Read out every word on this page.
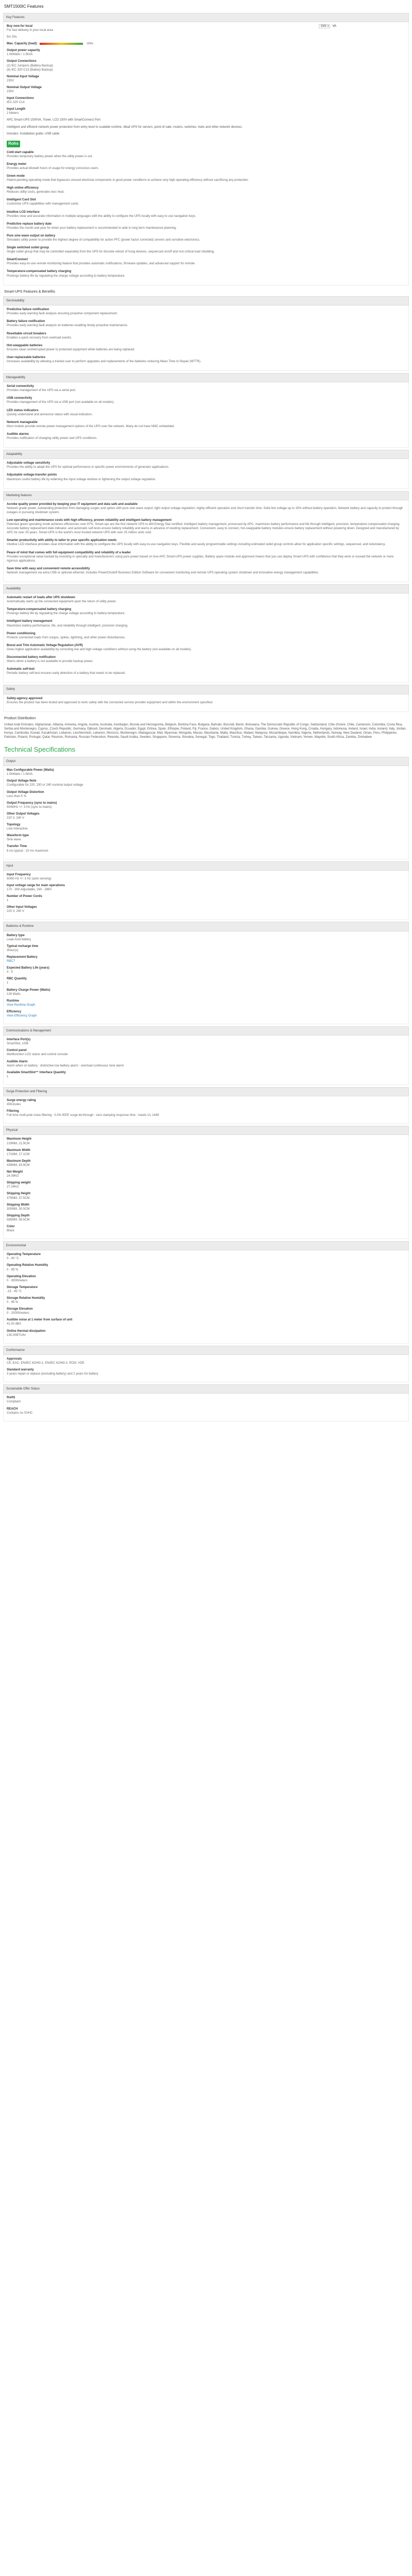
SMT1500IC Features
Key Features
Buy now for local	1500 ▾ VA
For fast delivery in your local area
5m 30s
Max. Capacity (load):	100%
Output power capacity
1.0kWatts / 1.5kVA
Output Connections
(2) IEC Jumpers (Battery Backup)
(6) IEC 320 C13 (Battery Backup)
Nominal Input Voltage
230V
Nominal Output Voltage
230V
Input Connections
IEC-320 C14
Input Length
2 Meters
APC Smart-UPS 1500VA, Tower, LCD 230V with SmartConnect Port
Intelligent and efficient network power protection from entry level to scalable runtime. Ideal UPS for servers, point-of-sale, routers, switches, hubs and other network devices.
Includes: Installation guide, USB cable
Rohs
Cold-start capable
Provides temporary battery power when the utility power is out.
Energy meter
Provides actual kilowatt hours of usage for energy conscious users.
Green mode
Patent-pending operating mode that bypasses unused electrical components in good power conditions to achieve very high operating efficiency without sacrificing any protection.
High online efficiency
Reduces utility costs, generates less heat.
Intelligent Card Slot
Customize UPS capabilities with management cards.
Intuitive LCD interface
Provides clear and accurate information in multiple languages with the ability to configure the UPS locally with easy to use navigation keys.
Predictive replace battery date
Provides the month and year for when your battery replacement is recommended to aide in long term maintenance planning.
Pure sine wave output on battery
Simulates utility power to provide the highest degree of compatibility for active PFC (power factor corrected) servers and sensitive electronics.
Single switched outlet group
Single outlet group that may be controlled separately from the UPS for discrete reboot of hung devices, sequenced on/off and non-critical load shedding.
SmartConnect
Provides easy-to-use remote monitoring feature that provides automatic notifications, firmware updates, and advanced support for remote.
Temperature-compensated battery charging
Prolongs battery life by regulating the charge voltage according to battery temperature.
Smart-UPS Features & Benefits
Serviceability
Predictive failure notification
Provides early warning fault analysis ensuring proactive component replacement.
Battery failure notification
Provides early warning fault analysis on batteries enabling timely proactive maintenance.
Resettable circuit breakers
Enables a quick recovery from overload events.
Hot-swappable batteries
Ensures clean uninterrupted power to protected equipment while batteries are being replaced.
User-replaceable batteries
Increases availability by allowing a trained user to perform upgrades and replacements of the batteries reducing Mean Time to Repair (MTTR).
Manageability
Serial connectivity
Provides management of the UPS via a serial port.
USB connectivity
Provides management of the UPS via a USB port (not available on all models).
LED status indicators
Quickly understand and announce status with visual indicators.
Network manageable
Most models provide remote power management options of the UPS over the network. Many do not have NMC embedded.
Audible alarms
Provides notification of changing utility power and UPS conditions.
Adaptability
Adjustable voltage sensitivity
Provides the ability to adapt the UPS for optimal performance in specific power environments of generator applications.
Adjustable voltage-transfer points
Maximizes useful battery life by widening the input voltage window or tightening the output voltage regulation.
Marketing features
Acrobe quality power provided by keeping your IT equipment and data safe and available
Network grade power, outstanding protection from damaging surges and spikes with pure sine wave output, tight output voltage regulation, highly efficient operation and short transfer time. Solid line voltage up to 15% without battery operation. Network battery and capacity to protect through outages or pursuing shutdown system.
Low operating and maintenance costs with high efficiency, proven reliability and intelligent battery management
Patented green operating mode achieves efficiencies over 97%. Smart-ups are the first network UPS to drill Energy Star certified. Intelligent battery management, processed by APC, maximizes battery performance and life through intelligent, precision, temperature-compensated charging. Accurate battery replacement date indicator, and automatic self-tests ensure battery reliability and warns in advance of needing replacement. Convenient, easy to connect, hot-swappable battery modules ensure battery replacement without powering down. Designed and manufactured by APC for over 25 years. Smart-UPS is the world's most trusted network UPS with over 25 million units sold.
Smarter productivity with ability to tailor to your specific application needs
Intuitive LCD interface provides clear information with the ability to configure the UPS locally with easy-to-use navigation keys. Flexible and easily programmable settings including estimated outlet group controls allow for application specific settings, sequenced, and redundancy.
Peace of mind that comes with full equipment compatibility and reliability of a leader
Provides exceptional value backed by investing in specialty and manufacturers using pure power based on true APC Smart-UPS power supplies. Battery spare module and approved means that you can deploy Smart-UPS with confidence that they work or exceed the network or more rigorous applications.
Save time with easy and convenient remote accessibility
Network management via extra USB or optional ethernet. Includes PowerChute® Business Edition Software for convenient monitoring and remote UPS operating system shutdown and innovative energy management capabilities.
Availability
Automatic restart of loads after UPS shutdown
Automatically starts up the connected equipment upon the return of utility power.
Temperature-compensated battery charging
Prolongs battery life by regulating the charge voltage according to battery temperature.
Intelligent battery management
Maximizes battery performance, life, and reliability through intelligent, precision charging.
Power conditioning
Protects connected loads from surges, spikes, lightning, and other power disturbances.
Boost and Trim Automatic Voltage Regulation (AVR)
Gives higher application availability by correcting low and high voltage conditions without using the battery (not available on all models).
Disconnected battery notification
Warns when a battery is not available to provide backup power.
Automatic self-test
Periodic battery self-test ensures early detection of a battery that needs to be replaced.
Safety
Safety-agency approved
Ensures the product has been tested and approved to work safely with the connected service provider equipment and within the environment specified.
Product Distribution
United Arab Emirates, Afghanistan, Albania, Armenia, Angola, Austria, Australia, Azerbaijan, Bosnia and Herzegovina, Belgium, Burkina Faso, Bulgaria, Bahrain, Burundi, Benin, Botswana, The Democratic Republic of Congo, Switzerland, Côte d'Ivoire, Chile, Cameroon, Colombia, Costa Rica, Serbia and Montenegro, Cyprus, Czech Republic, Germany, Djibouti, Denmark, Algeria, Ecuador, Egypt, Eritrea, Spain, Ethiopia, Finland, Fiji, France, Gabon, United Kingdom, Ghana, Gambia, Guinea, Greece, Hong Kong, Croatia, Hungary, Indonesia, Ireland, Israel, India, Iceland, Italy, Jordan, Kenya, Cambodia, Kuwait, Kazakhstan, Lebanon, Liechtenstein, Lebanon, Morocco, Montenegro, Madagascar, Mali, Myanmar, Mongolia, Macao, Mauritania, Malta, Mauritius, Malawi, Malaysia, Mozambique, Namibia, Nigeria, Netherlands, Norway, New Zealand, Oman, Peru, Philippines, Pakistan, Poland, Portugal, Qatar, Reunion, Romania, Russian Federation, Rwanda, Saudi Arabia, Sweden, Singapore, Slovenia, Slovakia, Senegal, Togo, Thailand, Tunisia, Turkey, Taiwan, Tanzania, Uganda, Vietnam, Yemen, Mayotte, South Africa, Zambia, Zimbabwe
Technical Specifications
Output
Max Configurable Power (Watts)
1.0kWatts / 1.5kVA
Output Voltage Note
Configurable for 220, 230 or 240 nominal output voltage
Output Voltage Distortion
Less than 5 %
Output Frequency (sync to mains)
50/60Hz +/- 3 Hz (sync to mains)
Other Output Voltages
220 V, 240 V
Topology
Line Interactive
Waveform type
Sine wave
Transfer Time
6 ms typical : 10 ms maximum
Input
Input Frequency
50/60 Hz +/- 3 Hz (auto sensing)
Input voltage range for main operations
170 - 300 Adjustable, 160 - 286V
Number of Power Cords
1
Other Input Voltages
220 V, 240 V
Batteries & Runtime
Battery type
Lead-Acid battery
Typical recharge time
3hour(s)
Replacement Battery
RBC7
Expected Battery Life (years)
3 - 5
RBC Quantity
1
Battery Charge Power (Watts)
126 Watts
Runtime
View Runtime Graph
Efficiency
View Efficiency Graph
Communications & Management
Interface Port(s)
SmartSlot, USB
Control panel
Multifunction LCD status and control console
Audible Alarm
Alarm when on battery : distinctive low battery alarm : overload continuous tone alarm
Available SmartSlot™ Interface Quantity
1
Surge Protection and Filtering
Surge energy rating
459Joules
Filtering
Full time multi-pole noise filtering : 0.3% IEEE surge let-through : zero clamping response time : meets UL 1449
Physical
Maximum Height
219MM, 21.9CM
Maximum Width
171MM, 17.1CM
Maximum Depth
439MM, 43.9CM
Net Weight
24.09KG
Shipping weight
27.24KG
Shipping Height
375MM, 37.5CM
Shipping Width
300MM, 30.0CM
Shipping Depth
585MM, 58.5CM
Color
Black
Environmental
Operating Temperature
0 - 40 °C
Operating Relative Humidity
0 - 95 %
Operating Elevation
0 - 3000meters
Storage Temperature
-15 - 45 °C
Storage Relative Humidity
0 - 95 %
Storage Elevation
0 - 15000meters
Audible noise at 1 meter from surface of unit
41.00 dBA
Online thermal dissipation
135.00BTU/hr
Conformance
Approvals
CE, EAC, EN/IEC 62040-1, EN/IEC 62040-2, RCM, VDE
Standard warranty
3 years repair or replace (excluding battery) and 2 years for battery
Sustainable Offer Status
RoHS
Compliant
REACH
Contains no SVHC
